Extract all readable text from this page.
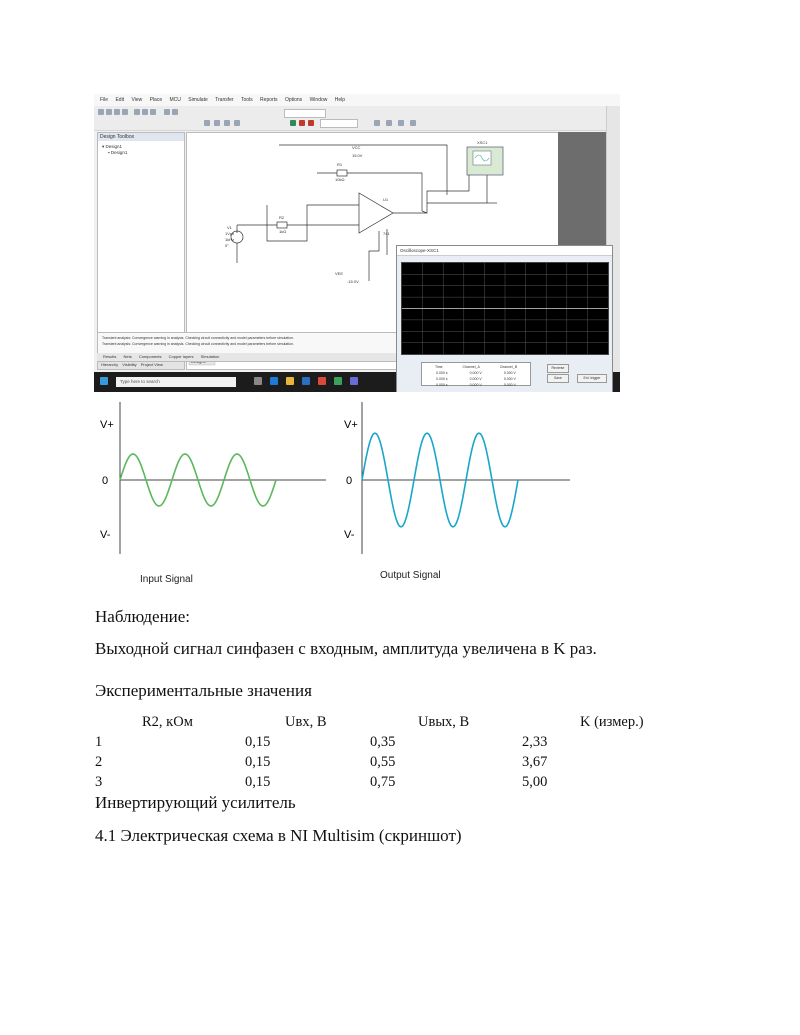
File Edit View Place MCU Simulate Transfer Tools Reports Options Window Help
Design Toolbox
▾ Design1
▪ Design1
Hierarchy Visibility Project View
VCC
15.0V
R1
10kΩ
R2
1kΩ
V1
1Vpk
1kHz
0°
U1
741
VEE
-15.0V
XSC1
Transient analysis: Convergence warning in analysis. Checking circuit connectivity and model parameters before simulation.
Transient analysis: Convergence warning in analysis. Checking circuit connectivity and model parameters before simulation.
Results Nets Components Copper layers Simulation
Type here to search
Oscilloscope-XSC1
Time	Channel_A	Channel_B
0.000 s	0.000 V	0.000 V
0.000 s	0.000 V	0.000 V
0.000 s	0.000 V	0.000 V
Reverse
Save	Ext. trigger
V+
0
V-
Input Signal
V+
0
V-
Output Signal
Наблюдение:
Выходной сигнал синфазен с входным, амплитуда увеличена в K раз.
Экспериментальные значения
R2, кОм	Uвх, В	Uвых, В	K (измер.)
1	0,15	0,35	2,33
2	0,15	0,55	3,67
3	0,15	0,75	5,00
Инвертирующий усилитель
4.1 Электрическая схема в NI Multisim (скриншот)
